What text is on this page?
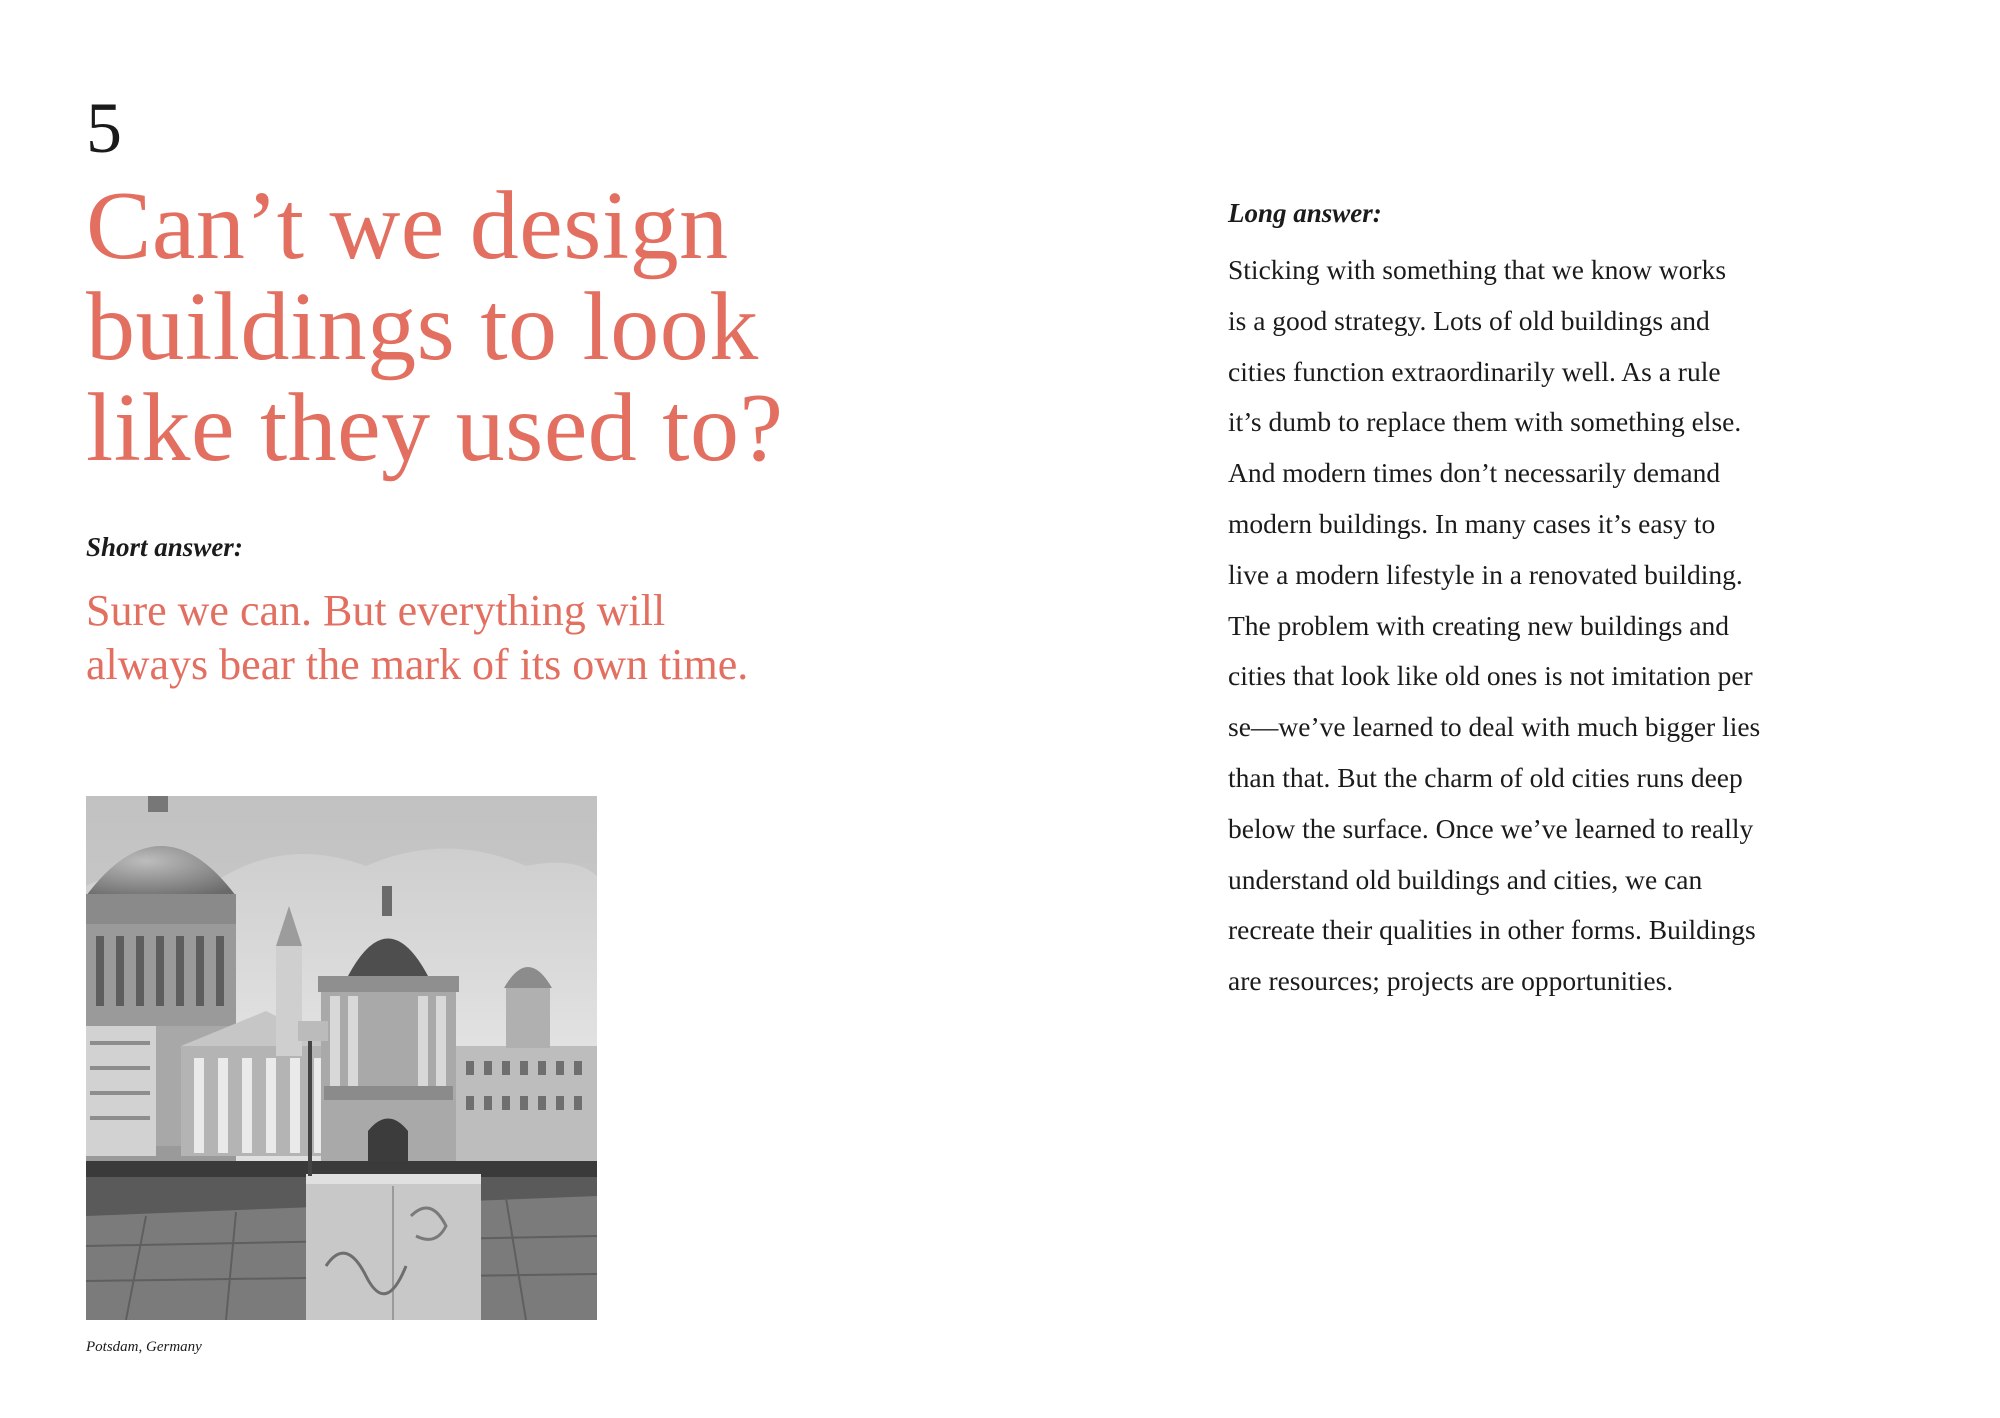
5
Can’t we design
buildings to look
like they used to?
Short answer:

Sure we can. But everything will
always bear the mark of its own time.

Potsdam, Germany
Long answer:

Sticking with something that we know works
is a good strategy. Lots of old buildings and
cities function extraordinarily well. As a rule
it’s dumb to replace them with something else.
And modern times don’t necessarily demand
modern buildings. In many cases it’s easy to
live a modern lifestyle in a renovated building.
The problem with creating new buildings and
cities that look like old ones is not imitation per
se—we’ve learned to deal with much bigger lies
than that. But the charm of old cities runs deep
below the surface. Once we’ve learned to really
understand old buildings and cities, we can
recreate their qualities in other forms. Buildings
are resources; projects are opportunities.
